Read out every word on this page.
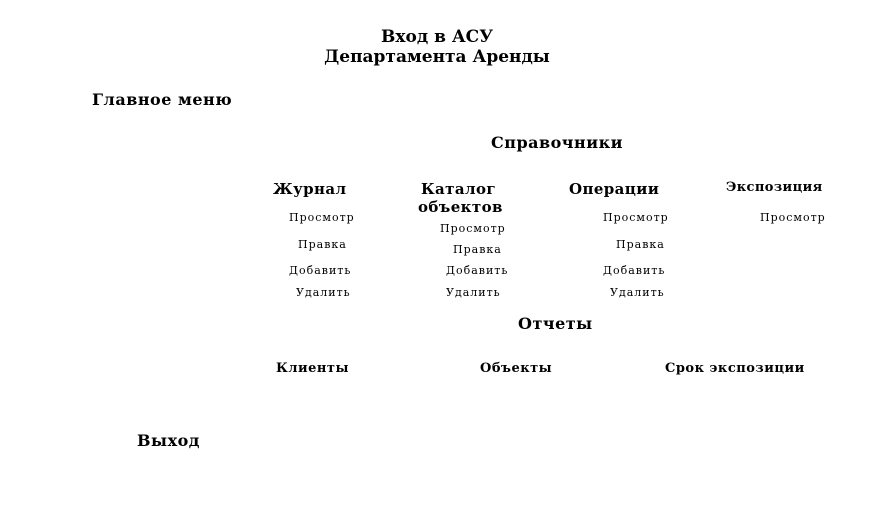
Вход в АСУ
Департамента Аренды
Главное меню
Справочники
Журнал
Просмотр
Правка
Добавить
Удалить
Каталог
объектов
Просмотр
Правка
Добавить
Удалить
Операции
Просмотр
Правка
Добавить
Удалить
Экспозиция
Просмотр
Отчеты
Клиенты	Объекты	Срок экспозиции
Выход
